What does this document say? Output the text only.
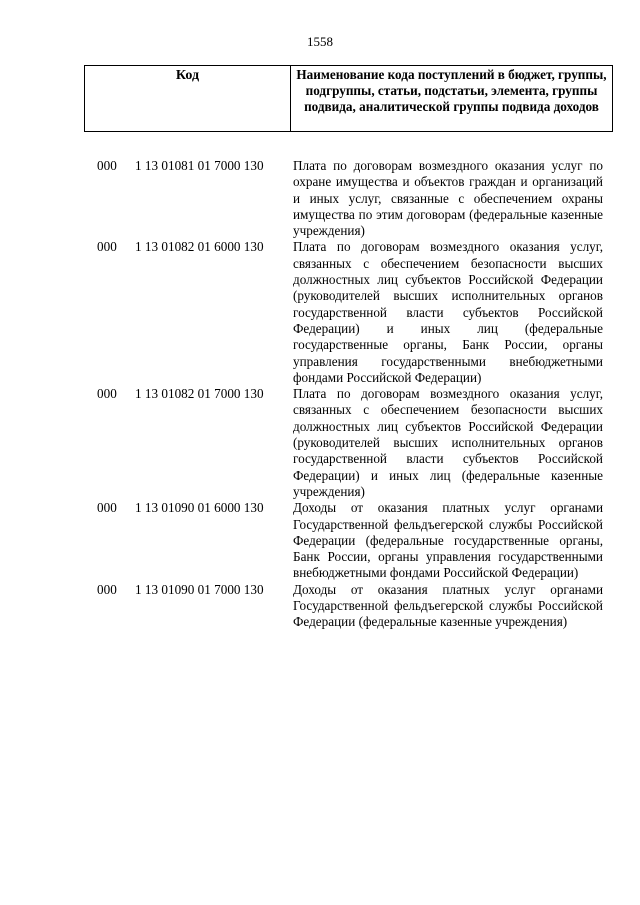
1558
Код	Наименование кода поступлений в бюджет, группы, подгруппы, статьи, подстатьи, элемента, группы подвида, аналитической группы подвида доходов
000	1 13 01081 01 7000 130	Плата по договорам возмездного оказания услуг по охране имущества и объектов граждан и организаций и иных услуг, связанные с обеспечением охраны имущества по этим договорам (федеральные казенные учреждения)
000	1 13 01082 01 6000 130	Плата по договорам возмездного оказания услуг, связанных с обеспечением безопасности высших должностных лиц субъектов Российской Федерации (руководителей высших исполнительных органов государственной власти субъектов Российской Федерации) и иных лиц (федеральные государственные органы, Банк России, органы управления государственными внебюджетными фондами Российской Федерации)
000	1 13 01082 01 7000 130	Плата по договорам возмездного оказания услуг, связанных с обеспечением безопасности высших должностных лиц субъектов Российской Федерации (руководителей высших исполнительных органов государственной власти субъектов Российской Федерации) и иных лиц (федеральные казенные учреждения)
000	1 13 01090 01 6000 130	Доходы от оказания платных услуг органами Государственной фельдъегерской службы Российской Федерации (федеральные государственные органы, Банк России, органы управления государственными внебюджетными фондами Российской Федерации)
000	1 13 01090 01 7000 130	Доходы от оказания платных услуг органами Государственной фельдъегерской службы Российской Федерации (федеральные казенные учреждения)
